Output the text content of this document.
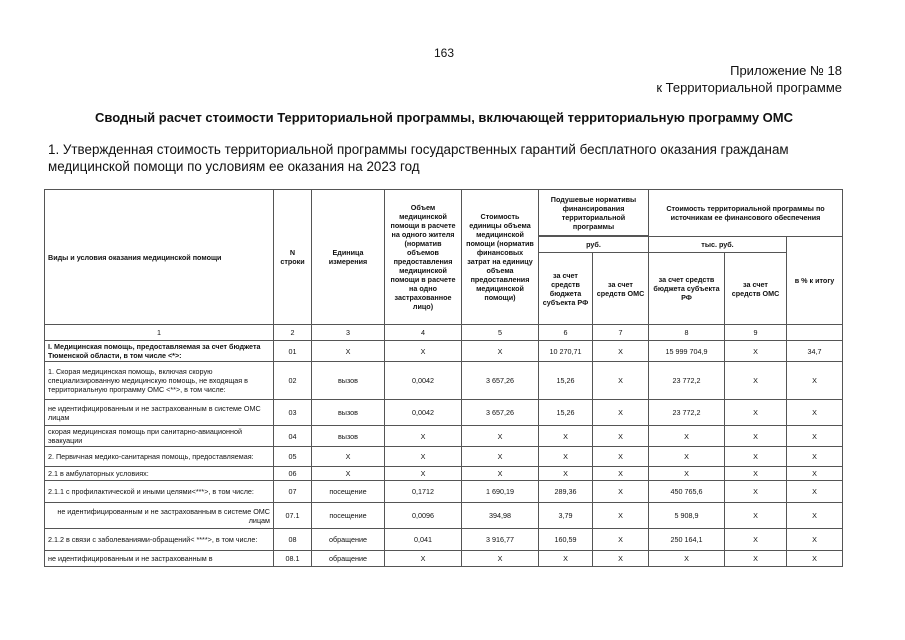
163
Приложение № 18
к Территориальной программе
Сводный расчет стоимости Территориальной программы, включающей территориальную программу ОМС
1. Утвержденная стоимость территориальной программы государственных гарантий бесплатного оказания гражданам медицинской помощи по условиям ее оказания на 2023 год
Виды и условия оказания медицинской помощи	N строки	Единица измерения	Объем медицинской помощи в расчете на одного жителя (норматив объемов предоставления медицинской помощи в расчете на одно застрахованное лицо)	Стоимость единицы объема медицинской помощи (норматив финансовых затрат на единицу объема предоставления медицинской помощи)	Подушевые нормативы финансирования территориальной программы		Стоимость территориальной программы по источникам ее финансового обеспечения		

					руб.		тыс. руб.		в % к итогу
					за счет средств бюджета субъекта РФ	за счет средств ОМС	за счет средств бюджета субъекта РФ	за счет средств ОМС	
1	2	3	4	5	6	7	8	9	
I. Медицинская помощь, предоставляемая за счет бюджета Тюменской области, в том числе <*>:	01	Х	Х	Х	10 270,71	Х	15 999 704,9	Х	34,7
1. Скорая медицинская помощь, включая скорую специализированную медицинскую помощь, не входящая в территориальную программу ОМС <**>, в том числе:	02	вызов	0,0042	3 657,26	15,26	Х	23 772,2	Х	Х
не идентифицированным и не застрахованным в системе ОМС лицам	03	вызов	0,0042	3 657,26	15,26	Х	23 772,2	Х	Х
скорая медицинская помощь при санитарно-авиационной эвакуации	04	вызов	Х	Х	Х	Х	Х	Х	Х
2. Первичная медико-санитарная помощь, предоставляемая:	05	Х	Х	Х	Х	Х	Х	Х	Х
2.1 в амбулаторных условиях:	06	Х	Х	Х	Х	Х	Х	Х	Х
2.1.1 с профилактической и иными целями<***>, в том числе:	07	посещение	0,1712	1 690,19	289,36	Х	450 765,6	Х	Х
не идентифицированным и не застрахованным в системе ОМС лицам	07.1	посещение	0,0096	394,98	3,79	Х	5 908,9	Х	Х
2.1.2 в связи с заболеваниями-обращений< ****>, в том числе:	08	обращение	0,041	3 916,77	160,59	Х	250 164,1	Х	Х
не идентифицированным и не застрахованным в	08.1	обращение	Х	Х	Х	Х	Х	Х	Х
